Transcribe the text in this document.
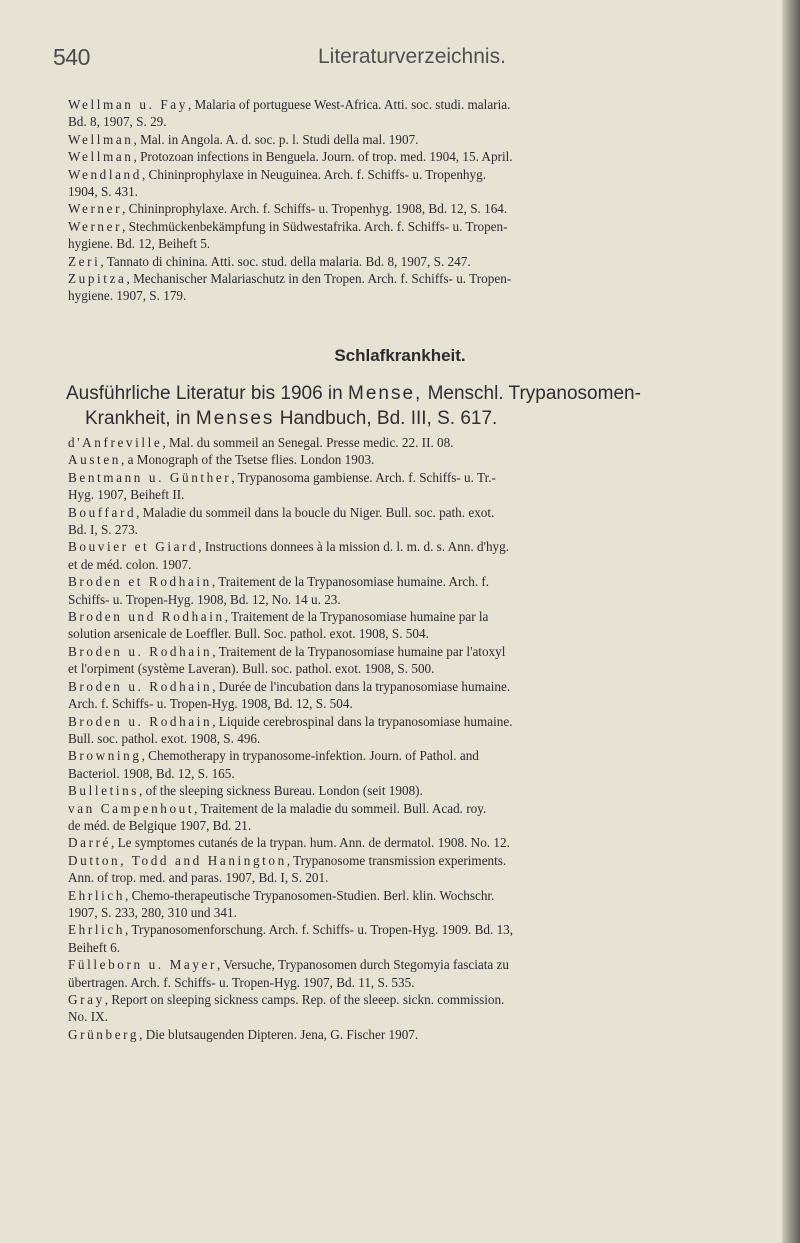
540	Literaturverzeichnis.
Wellman u. Fay, Malaria of portuguese West-Africa. Atti. soc. studi. malaria.
Bd. 8, 1907, S. 29.
Wellman, Mal. in Angola. A. d. soc. p. l. Studi della mal. 1907.
Wellman, Protozoan infections in Benguela. Journ. of trop. med. 1904, 15. April.
Wendland, Chininprophylaxe in Neuguinea. Arch. f. Schiffs- u. Tropenhyg.
1904, S. 431.
Werner, Chininprophylaxe. Arch. f. Schiffs- u. Tropenhyg. 1908, Bd. 12, S. 164.
Werner, Stechmückenbekämpfung in Südwestafrika. Arch. f. Schiffs- u. Tropen-
hygiene. Bd. 12, Beiheft 5.
Zeri, Tannato di chinina. Atti. soc. stud. della malaria. Bd. 8, 1907, S. 247.
Zupitza, Mechanischer Malariaschutz in den Tropen. Arch. f. Schiffs- u. Tropen-
hygiene. 1907, S. 179.
Schlafkrankheit.
Ausführliche Literatur bis 1906 in Mense, Menschl. Trypanosomen-
Krankheit, in Menses Handbuch, Bd. III, S. 617.
d'Anfreville, Mal. du sommeil an Senegal. Presse medic. 22. II. 08.
Austen, a Monograph of the Tsetse flies. London 1903.
Bentmann u. Günther, Trypanosoma gambiense. Arch. f. Schiffs- u. Tr.-
Hyg. 1907, Beiheft II.
Bouffard, Maladie du sommeil dans la boucle du Niger. Bull. soc. path. exot.
Bd. I, S. 273.
Bouvier et Giard, Instructions donnees à la mission d. l. m. d. s. Ann. d'hyg.
et de méd. colon. 1907.
Broden et Rodhain, Traitement de la Trypanosomiase humaine. Arch. f.
Schiffs- u. Tropen-Hyg. 1908, Bd. 12, No. 14 u. 23.
Broden und Rodhain, Traitement de la Trypanosomiase humaine par la
solution arsenicale de Loeffler. Bull. Soc. pathol. exot. 1908, S. 504.
Broden u. Rodhain, Traitement de la Trypanosomiase humaine par l'atoxyl
et l'orpiment (système Laveran). Bull. soc. pathol. exot. 1908, S. 500.
Broden u. Rodhain, Durée de l'incubation dans la trypanosomiase humaine.
Arch. f. Schiffs- u. Tropen-Hyg. 1908, Bd. 12, S. 504.
Broden u. Rodhain, Liquide cerebrospinal dans la trypanosomiase humaine.
Bull. soc. pathol. exot. 1908, S. 496.
Browning, Chemotherapy in trypanosome-infektion. Journ. of Pathol. and
Bacteriol. 1908, Bd. 12, S. 165.
Bulletins, of the sleeping sickness Bureau. London (seit 1908).
van Campenhout, Traitement de la maladie du sommeil. Bull. Acad. roy.
de méd. de Belgique 1907, Bd. 21.
Darré, Le symptomes cutanés de la trypan. hum. Ann. de dermatol. 1908. No. 12.
Dutton, Todd and Hanington, Trypanosome transmission experiments.
Ann. of trop. med. and paras. 1907, Bd. I, S. 201.
Ehrlich, Chemo-therapeutische Trypanosomen-Studien. Berl. klin. Wochschr.
1907, S. 233, 280, 310 und 341.
Ehrlich, Trypanosomenforschung. Arch. f. Schiffs- u. Tropen-Hyg. 1909. Bd. 13,
Beiheft 6.
Fülleborn u. Mayer, Versuche, Trypanosomen durch Stegomyia fasciata zu
übertragen. Arch. f. Schiffs- u. Tropen-Hyg. 1907, Bd. 11, S. 535.
Gray, Report on sleeping sickness camps. Rep. of the sleeep. sickn. commission.
No. IX.
Grünberg, Die blutsaugenden Dipteren. Jena, G. Fischer 1907.
